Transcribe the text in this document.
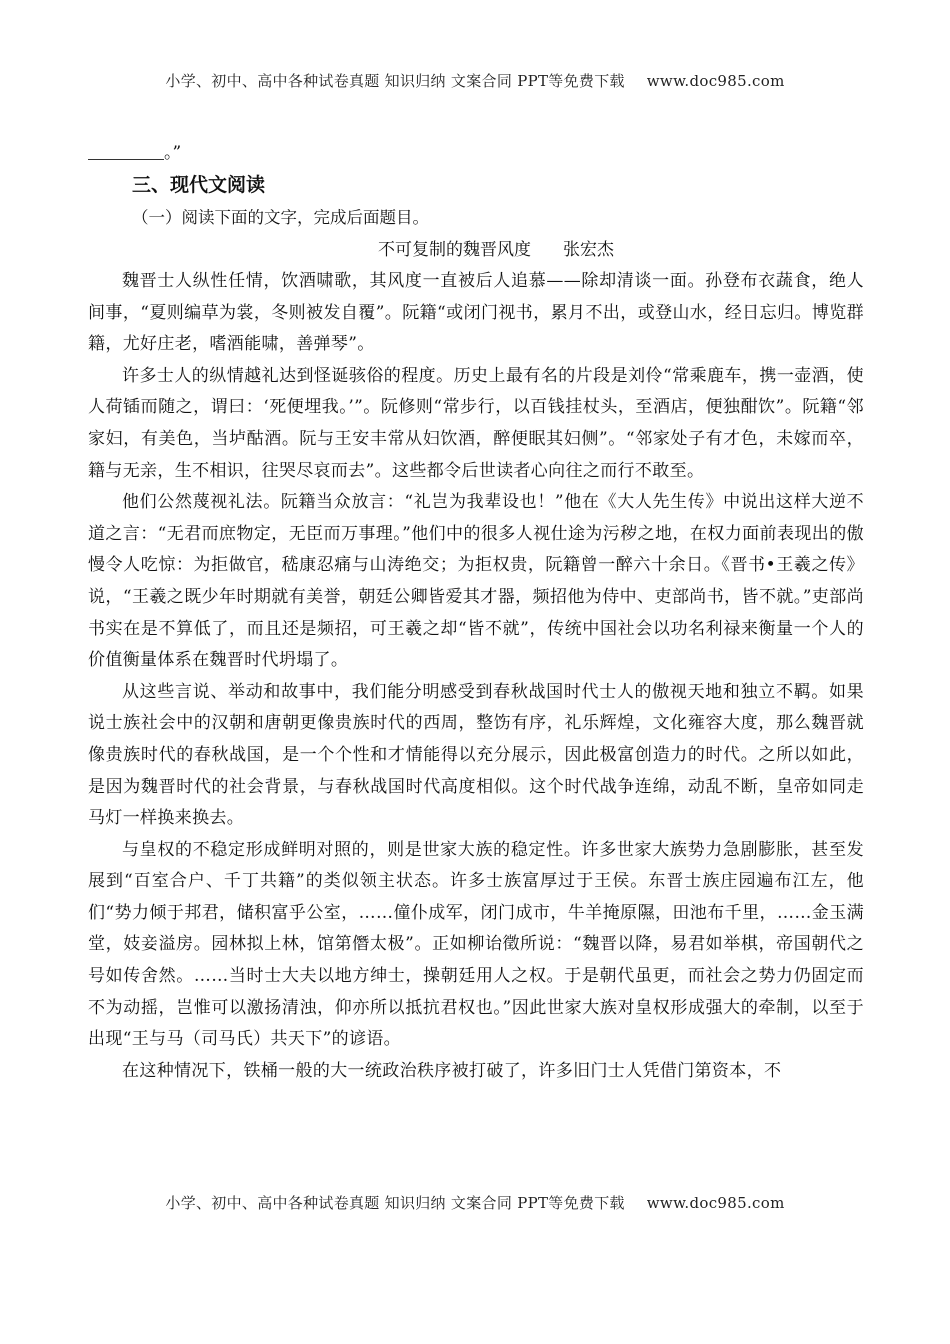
小学、初中、高中各种试卷真题 知识归纳 文案合同 PPT等免费下载 www.doc985.com
。”
三、现代文阅读
（一）阅读下面的文字，完成后面题目。
不可复制的魏晋风度 张宏杰

魏晋士人纵性任情，饮酒啸歌，其风度一直被后人追慕——除却清谈一面。孙登布衣蔬食，绝人间事，“夏则编草为裳，冬则被发自覆”。阮籍“或闭门视书，累月不出，或登山水，经日忘归。博览群籍，尤好庄老，嗜酒能啸，善弹琴”。

许多士人的纵情越礼达到怪诞骇俗的程度。历史上最有名的片段是刘伶“常乘鹿车，携一壶酒，使人荷锸而随之，谓曰：‘死便埋我。’”。阮修则“常步行，以百钱挂杖头，至酒店，便独酣饮”。阮籍“邻家妇，有美色，当垆酤酒。阮与王安丰常从妇饮酒，醉便眠其妇侧”。“邻家处子有才色，未嫁而卒，籍与无亲，生不相识，往哭尽哀而去”。这些都令后世读者心向往之而行不敢至。

他们公然蔑视礼法。阮籍当众放言：“礼岂为我辈设也！”他在《大人先生传》中说出这样大逆不道之言：“无君而庶物定，无臣而万事理。”他们中的很多人视仕途为污秽之地，在权力面前表现出的傲慢令人吃惊：为拒做官，嵇康忍痛与山涛绝交；为拒权贵，阮籍曾一醉六十余日。《晋书•王羲之传》说，“王羲之既少年时期就有美誉，朝廷公卿皆爱其才器，频招他为侍中、吏部尚书，皆不就。”吏部尚书实在是不算低了，而且还是频招，可王羲之却“皆不就”，传统中国社会以功名利禄来衡量一个人的价值衡量体系在魏晋时代坍塌了。

从这些言说、举动和故事中，我们能分明感受到春秋战国时代士人的傲视天地和独立不羁。如果说士族社会中的汉朝和唐朝更像贵族时代的西周，整饬有序，礼乐辉煌，文化雍容大度，那么魏晋就像贵族时代的春秋战国，是一个个性和才情能得以充分展示，因此极富创造力的时代。之所以如此，是因为魏晋时代的社会背景，与春秋战国时代高度相似。这个时代战争连绵，动乱不断，皇帝如同走马灯一样换来换去。

与皇权的不稳定形成鲜明对照的，则是世家大族的稳定性。许多世家大族势力急剧膨胀，甚至发展到“百室合户、千丁共籍”的类似领主状态。许多士族富厚过于王侯。东晋士族庄园遍布江左，他们“势力倾于邦君，储积富乎公室，……僮仆成军，闭门成市，牛羊掩原隰，田池布千里，……金玉满堂，妓妾溢房。园林拟上林，馆第僭太极”。正如柳诒徵所说：“魏晋以降，易君如举棋，帝国朝代之号如传舍然。……当时士大夫以地方绅士，操朝廷用人之权。于是朝代虽更，而社会之势力仍固定而不为动摇，岂惟可以激扬清浊，仰亦所以抵抗君权也。”因此世家大族对皇权形成强大的牵制，以至于出现“王与马（司马氏）共天下”的谚语。

在这种情况下，铁桶一般的大一统政治秩序被打破了，许多旧门士人凭借门第资本，不

小学、初中、高中各种试卷真题 知识归纳 文案合同 PPT等免费下载 www.doc985.com
